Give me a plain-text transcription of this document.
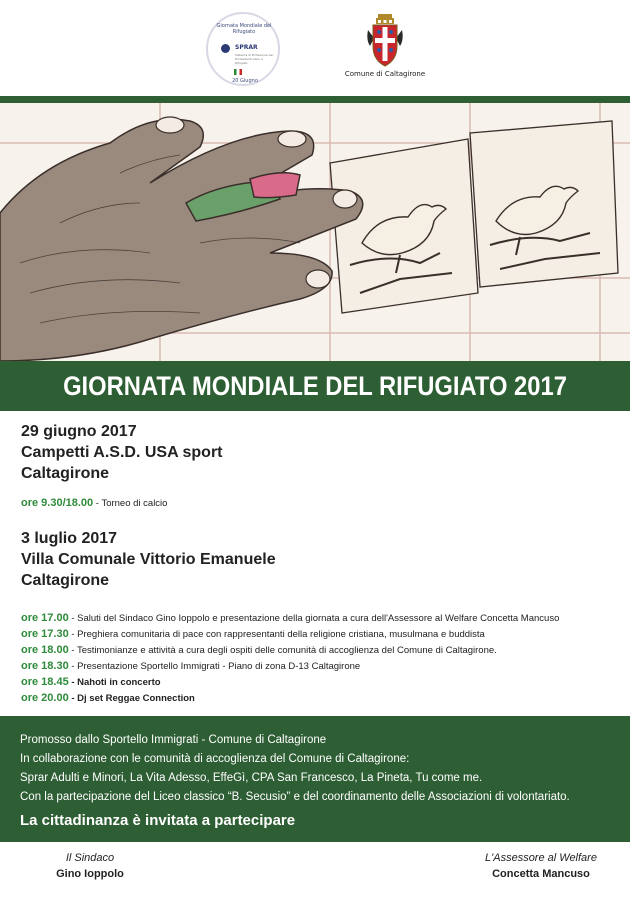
Giornata Mondiale del Rifugiato
SPRAR
Sistema di Protezione per Richiedenti Asilo e Rifugiati
20 Giugno
Comune di Caltagirone
GIORNATA MONDIALE DEL RIFUGIATO 2017
29 giugno 2017
Campetti A.S.D. USA sport
Caltagirone
ore 9.30/18.00 - Torneo di calcio
3 luglio 2017
Villa Comunale Vittorio Emanuele
Caltagirone
ore 17.00 - Saluti del Sindaco Gino Ioppolo e presentazione della giornata a cura dell'Assessore al Welfare Concetta Mancuso
ore 17.30 - Preghiera comunitaria di pace con rappresentanti della religione cristiana, musulmana e buddista
ore 18.00 - Testimonianze e attività a cura degli ospiti delle comunità di accoglienza del Comune di Caltagirone.
ore 18.30 - Presentazione Sportello Immigrati - Piano di zona D-13 Caltagirone
ore 18.45 - Nahoti in concerto
ore 20.00 - Dj set Reggae Connection
Promosso dallo Sportello Immigrati - Comune di Caltagirone
In collaborazione con le comunità di accoglienza del Comune di Caltagirone:
Sprar Adulti e Minori, La Vita Adesso, EffeGì, CPA San Francesco, La Pineta, Tu come me.
Con la partecipazione del Liceo classico “B. Secusio” e del coordinamento delle Associazioni di volontariato.
La cittadinanza è invitata a partecipare
Il Sindaco
Gino Ioppolo
L'Assessore al Welfare
Concetta Mancuso
